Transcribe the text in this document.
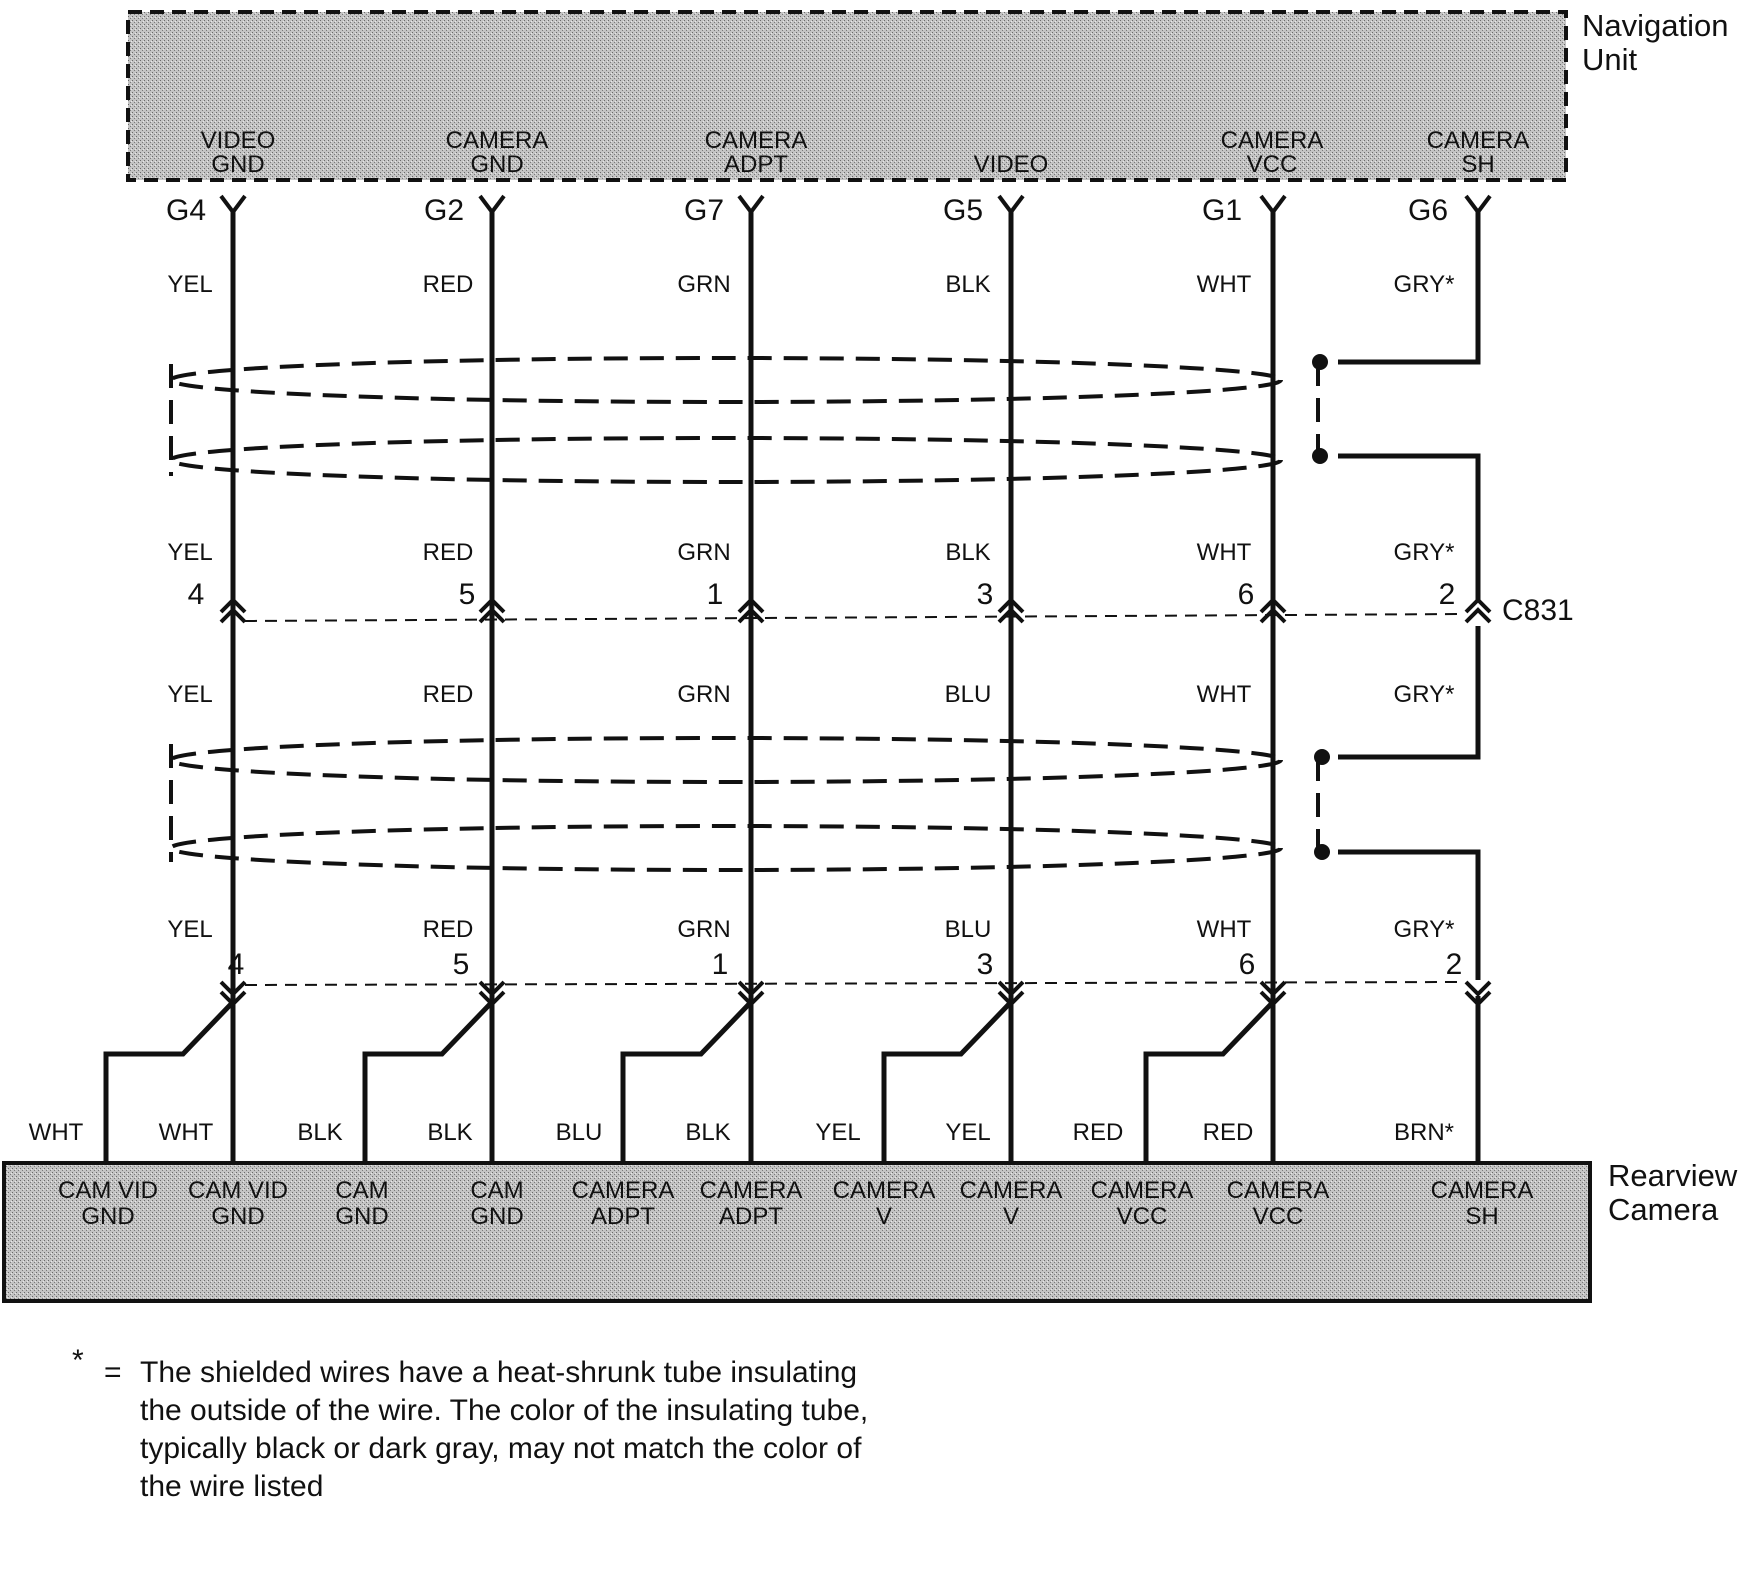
Navigation
Unit
VIDEO
GND
CAMERA
GND
CAMERA
ADPT	VIDEO
CAMERA
VCC
CAMERA
SH
G4
YEL
YEL
YEL
YEL
4
4
G2
RED
RED
RED
RED
5
5
G7
GRN
GRN
GRN
GRN
1
1
G5
BLK
BLK
BLU
BLU
3
3
G1
WHT
WHT
WHT
WHT
6
6
G6
GRY*
GRY*
GRY*
GRY*
2
2
C831
Rearview
Camera
CAM VID
GND
WHT
CAM VID
GND
WHT
CAM
GND
BLK
CAM
GND
BLK
CAMERA
ADPT
BLU
CAMERA
ADPT
BLK
CAMERA
V
YEL
CAMERA
V
YEL
CAMERA
VCC
RED
CAMERA
VCC
RED
CAMERA
SH
BRN*
* = The shielded wires have a heat-shrunk tube insulating
the outside of the wire. The color of the insulating tube,
typically black or dark gray, may not match the color of
the wire listed
